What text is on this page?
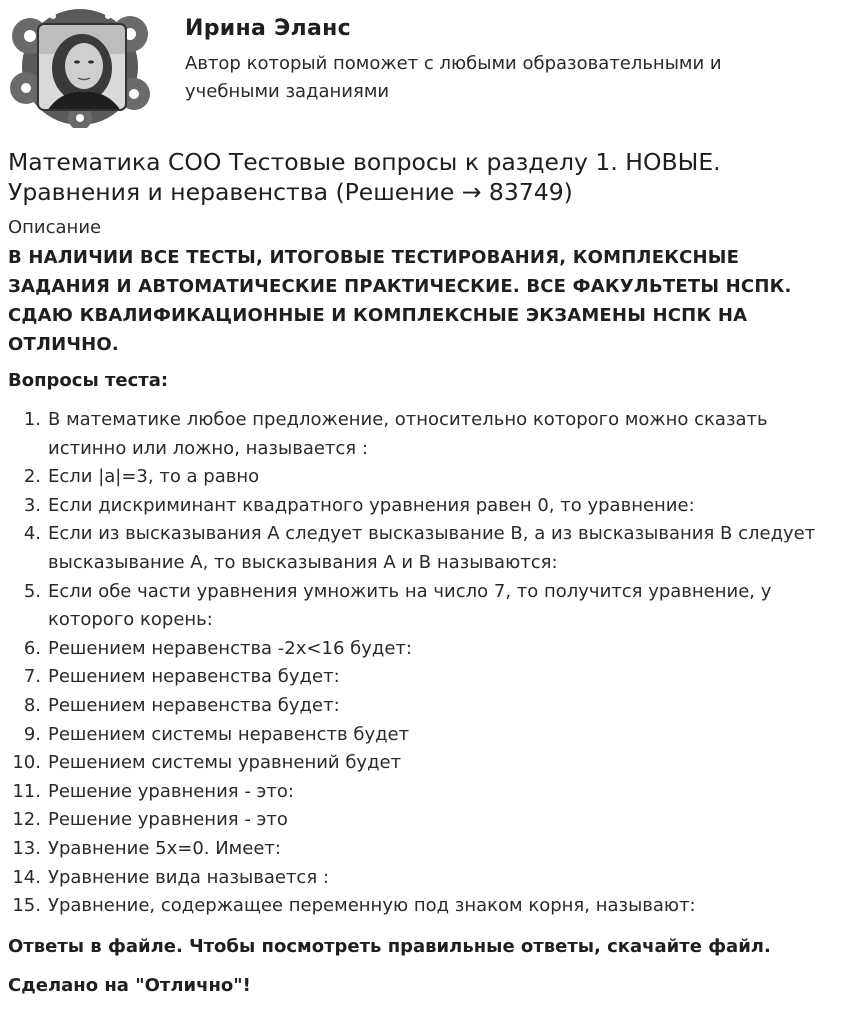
Ирина Эланс
Автор который поможет с любыми образовательными и учебными заданиями
Математика СОО Тестовые вопросы к разделу 1. НОВЫЕ. Уравнения и неравенства (Решение → 83749)
Описание

В НАЛИЧИИ ВСЕ ТЕСТЫ, ИТОГОВЫЕ ТЕСТИРОВАНИЯ, КОМПЛЕКСНЫЕ ЗАДАНИЯ И АВТОМАТИЧЕСКИЕ ПРАКТИЧЕСКИЕ. ВСЕ ФАКУЛЬТЕТЫ НСПК. СДАЮ КВАЛИФИКАЦИОННЫЕ И КОМПЛЕКСНЫЕ ЭКЗАМЕНЫ НСПК НА ОТЛИЧНО.

Вопросы теста:
1. В математике любое предложение, относительно которого можно сказать истинно или ложно, называется :
2. Если |a|=3, то а равно
3. Если дискриминант квадратного уравнения равен 0, то уравнение:
4. Если из высказывания А следует высказывание В, а из высказывания В следует высказывание А, то высказывания А и В называются:
5. Если обе части уравнения умножить на число 7, то получится уравнение, у которого корень:
6. Решением неравенства -2х<16 будет:
7. Решением неравенства будет:
8. Решением неравенства будет:
9. Решением системы неравенств будет
10. Решением системы уравнений будет
11. Решение уравнения - это:
12. Решение уравнения - это
13. Уравнение 5х=0. Имеет:
14. Уравнение вида называется :
15. Уравнение, содержащее переменную под знаком корня, называют:
Ответы в файле. Чтобы посмотреть правильные ответы, скачайте файл.
Сделано на "Отлично"!
